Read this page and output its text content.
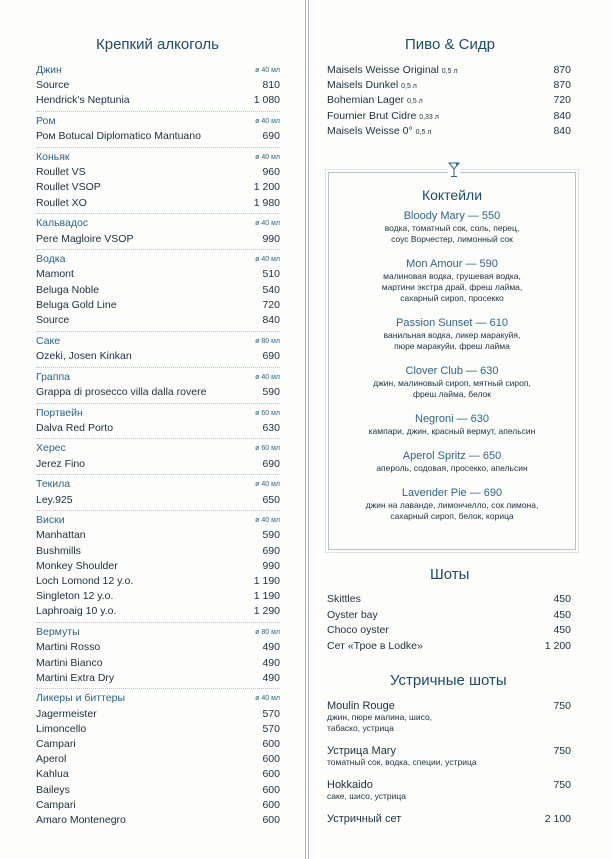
Крепкий алкоголь
Джин	ø 40 мл
Source	810
Hendrick's Neptunia	1 080
Ром	ø 40 мл
Ром Botucal Diplomatico Mantuano	690
Коньяк	ø 40 мл
Roullet VS	960
Roullet VSOP	1 200
Roullet XO	1 980
Кальвадос	ø 40 мл
Pere Magloire VSOP	990
Водка	ø 40 мл
Mamont	510
Beluga Noble	540
Beluga Gold Line	720
Source	840
Саке	ø 80 мл
Ozeki, Josen Kinkan	690
Граппа	ø 40 мл
Grappa di prosecco villa dalla rovere	590
Портвейн	ø 60 мл
Dalva Red Porto	630
Херес	ø 60 мл
Jerez Fino	690
Текила	ø 40 мл
Ley.925	650
Виски	ø 40 мл
Manhattan	590
Bushmills	690
Monkey Shoulder	990
Loch Lomond 12 y.o.	1 190
Singleton 12 y.o.	1 190
Laphroaig 10 y.o.	1 290
Вермуты	ø 80 мл
Martini Rosso	490
Martini Bianco	490
Martini Extra Dry	490
Ликеры и биттеры	ø 40 мл
Jagermeister	570
Limoncello	570
Campari	600
Aperol	600
Kahlua	600
Baileys	600
Campari	600
Amaro Montenegro	600
Пиво & Сидр
Maisels Weisse Original 0,5 л	870
Maisels Dunkel 0,5 л	870
Bohemian Lager 0,5 л	720
Fournier Brut Cidre 0,33 л	840
Maisels Weisse 0° 0,5 л	840
Коктейли
Bloody Mary — 550
водка, томатный сок, соль, перец,
соус Ворчестер, лимонный сок
Mon Amour — 590
малиновая водка, грушевая водка,
мартини экстра драй, фреш лайма,
сахарный сироп, просекко
Passion Sunset — 610
ванильная водка, ликер маракуйя,
пюре маракуйи, фреш лайма
Clover Club — 630
джин, малиновый сироп, мятный сироп,
фреш лайма, белок
Negroni — 630
кампари, джин, красный вермут, апельсин
Aperol Spritz — 650
апероль, содовая, просекко, апельсин
Lavender Pie — 690
джин на лаванде, лимончелло, сок лимона,
сахарный сироп, белок, корица
Шоты
Устричные шоты
Skittles	450
Oyster bay	450
Choco oyster	450
Сет «Трое в Lodke»	1 200
Moulin Rouge	750
джин, пюре малина, шисо,
табаско, устрица
Устрица Mary	750
томатный сок, водка, специи, устрица
Hokkaido	750
саке, шисо, устрица
Устричный сет	2 100
